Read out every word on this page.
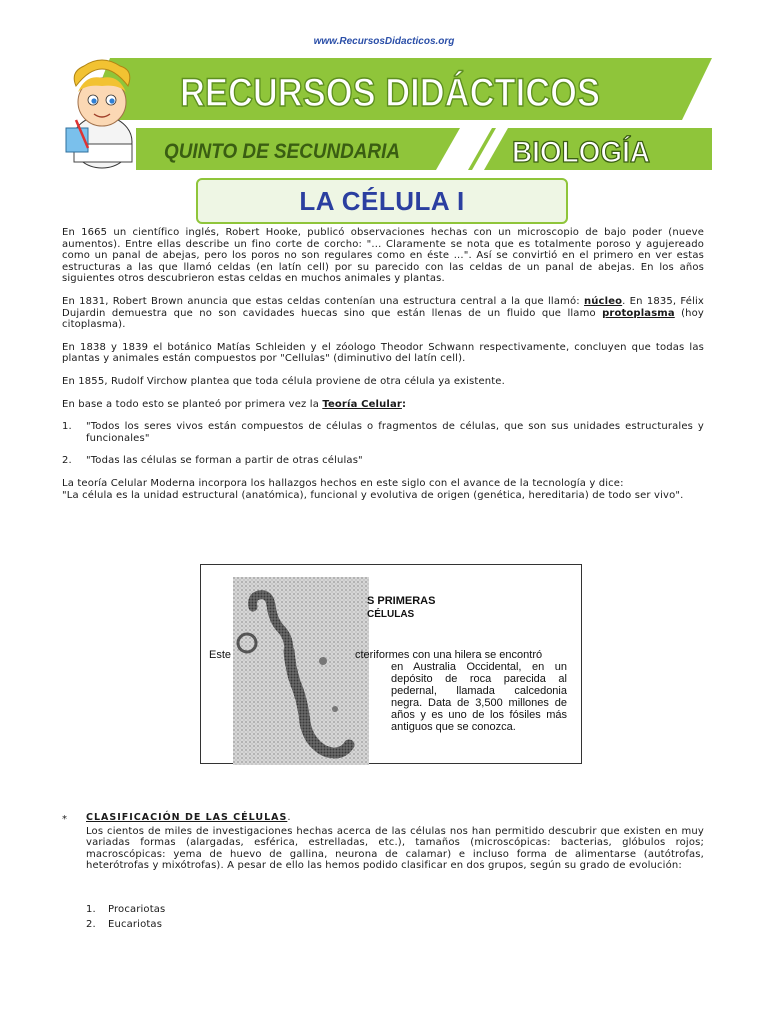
www.RecursosDidacticos.org
RECURSOS DIDÁCTICOS
QUINTO DE SECUNDARIA	BIOLOGÍA
LA CÉLULA I

En 1665 un científico inglés, Robert Hooke, publicó observaciones hechas con un microscopio de bajo poder (nueve aumentos). Entre ellas describe un fino corte de corcho: "... Claramente se nota que es totalmente poroso y agujereado como un panal de abejas, pero los poros no son regulares como en éste ...". Así se convirtió en el primero en ver estas estructuras a las que llamó celdas (en latín cell) por su parecido con las celdas de un panal de abejas. En los años siguientes otros descubrieron estas celdas en muchos animales y plantas.

En 1831, Robert Brown anuncia que estas celdas contenían una estructura central a la que llamó: núcleo. En 1835, Félix Dujardin demuestra que no son cavidades huecas sino que están llenas de un fluido que llamo protoplasma (hoy citoplasma).

En 1838 y 1839 el botánico Matías Schleiden y el zóologo Theodor Schwann respectivamente, concluyen que todas las plantas y animales están compuestos por "Cellulas" (diminutivo del latín cell).

En 1855, Rudolf Virchow plantea que toda célula proviene de otra célula ya existente.

En base a todo esto se planteó por primera vez la Teoría Celular:

1. "Todos los seres vivos están compuestos de células o fragmentos de células, que son sus unidades estructurales y funcionales"
2. "Todas las células se forman a partir de otras células"

La teoría Celular Moderna incorpora los hallazgos hechos en este siglo con el avance de la tecnología y dice:
"La célula es la unidad estructural (anatómica), funcional y evolutiva de origen (genética, hereditaria) de todo ser vivo".

S PRIMERAS
CÉLULAS
Este	cteriformes con una hilera se encontró
en Australia Occidental, en un depósito de roca parecida al pedernal, llamada calcedonia negra. Data de 3,500 millones de años y es uno de los fósiles más antiguos que se conozca.
*	CLASIFICACIÓN DE LAS CÉLULAS.
Los cientos de miles de investigaciones hechas acerca de las células nos han permitido descubrir que existen en muy variadas formas (alargadas, esférica, estrelladas, etc.), tamaños (microscópicas: bacterias, glóbulos rojos; macroscópicas: yema de huevo de gallina, neurona de calamar) e incluso forma de alimentarse (autótrofas, heterótrofas y mixótrofas). A pesar de ello las hemos podido clasificar en dos grupos, según su grado de evolución:
1. Procariotas
2. Eucariotas
